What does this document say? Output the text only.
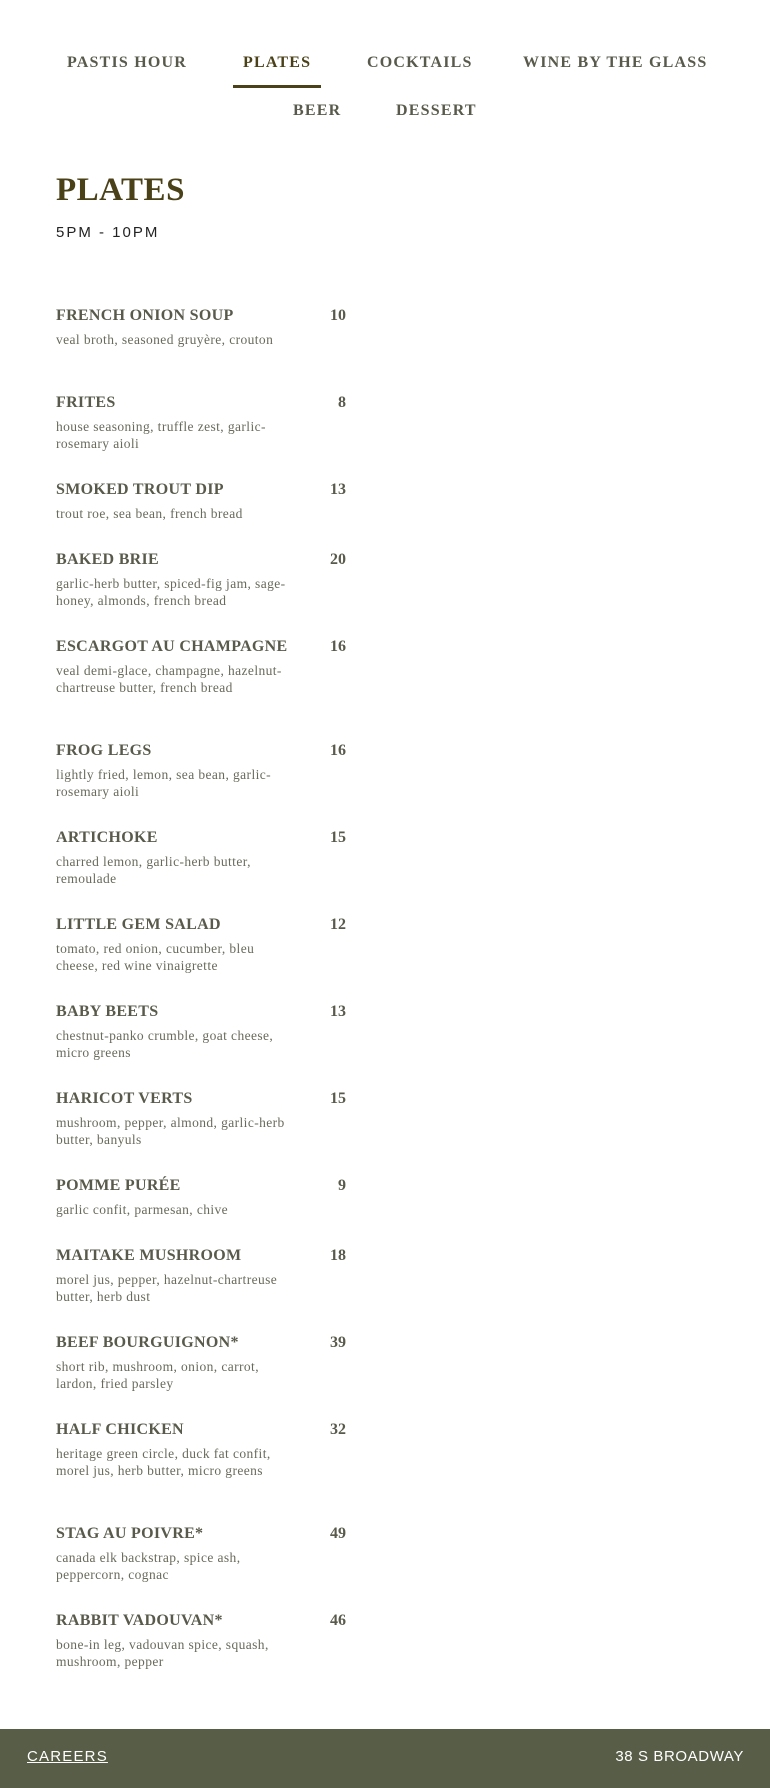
PASTIS HOUR	PLATES	COCKTAILS	WINE BY THE GLASS
BEER	DESSERT
PLATES
5PM - 10PM
FRENCH ONION SOUP	10
veal broth, seasoned gruyère, crouton
FRITES	8
house seasoning, truffle zest, garlic-rosemary aioli
SMOKED TROUT DIP	13
trout roe, sea bean, french bread
BAKED BRIE	20
garlic-herb butter, spiced-fig jam, sage-honey, almonds, french bread
ESCARGOT AU CHAMPAGNE	16
veal demi-glace, champagne, hazelnut-chartreuse butter, french bread
FROG LEGS	16
lightly fried, lemon, sea bean, garlic-rosemary aioli
ARTICHOKE	15
charred lemon, garlic-herb butter, remoulade
LITTLE GEM SALAD	12
tomato, red onion, cucumber, bleu cheese, red wine vinaigrette
BABY BEETS	13
chestnut-panko crumble, goat cheese, micro greens
HARICOT VERTS	15
mushroom, pepper, almond, garlic-herb butter, banyuls
POMME PURÉE	9
garlic confit, parmesan, chive
MAITAKE MUSHROOM	18
morel jus, pepper, hazelnut-chartreuse butter, herb dust
BEEF BOURGUIGNON*	39
short rib, mushroom, onion, carrot, lardon, fried parsley
HALF CHICKEN	32
heritage green circle, duck fat confit, morel jus, herb butter, micro greens
STAG AU POIVRE*	49
canada elk backstrap, spice ash, peppercorn, cognac
RABBIT VADOUVAN*	46
bone-in leg, vadouvan spice, squash, mushroom, pepper
CAREERS	38 S BROADWAY
